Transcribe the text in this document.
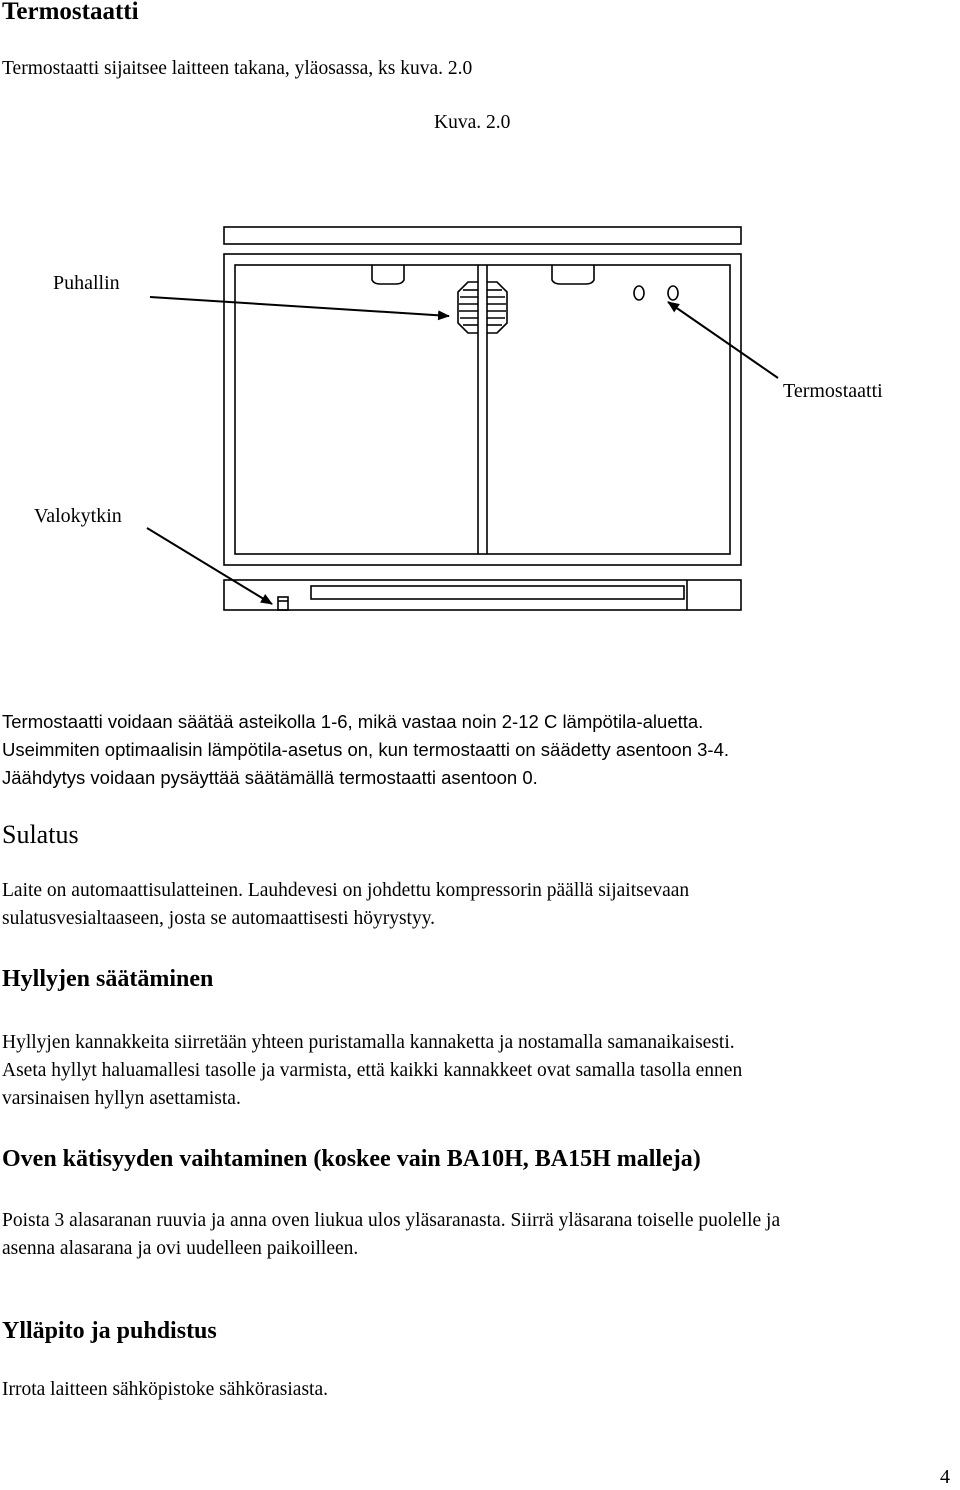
Termostaatti
Termostaatti sijaitsee laitteen takana, yläosassa, ks kuva. 2.0
Kuva. 2.0
Puhallin
Termostaatti
Valokytkin
Termostaatti voidaan säätää asteikolla 1-6, mikä vastaa noin 2-12 C lämpötila-aluetta.
Useimmiten optimaalisin lämpötila-asetus on, kun termostaatti on säädetty asentoon 3-4.
Jäähdytys voidaan pysäyttää säätämällä termostaatti asentoon 0.
Sulatus
Laite on automaattisulatteinen. Lauhdevesi on johdettu kompressorin päällä sijaitsevaan
sulatusvesialtaaseen, josta se automaattisesti höyrystyy.
Hyllyjen säätäminen
Hyllyjen kannakkeita siirretään yhteen puristamalla kannaketta ja nostamalla samanaikaisesti.
Aseta hyllyt haluamallesi tasolle ja varmista, että kaikki kannakkeet ovat samalla tasolla ennen
varsinaisen hyllyn asettamista.
Oven kätisyyden vaihtaminen (koskee vain BA10H, BA15H malleja)
Poista 3 alasaranan ruuvia ja anna oven liukua ulos yläsaranasta. Siirrä yläsarana toiselle puolelle ja
asenna alasarana ja ovi uudelleen paikoilleen.
Ylläpito ja puhdistus
Irrota laitteen sähköpistoke sähkörasiasta.
4
